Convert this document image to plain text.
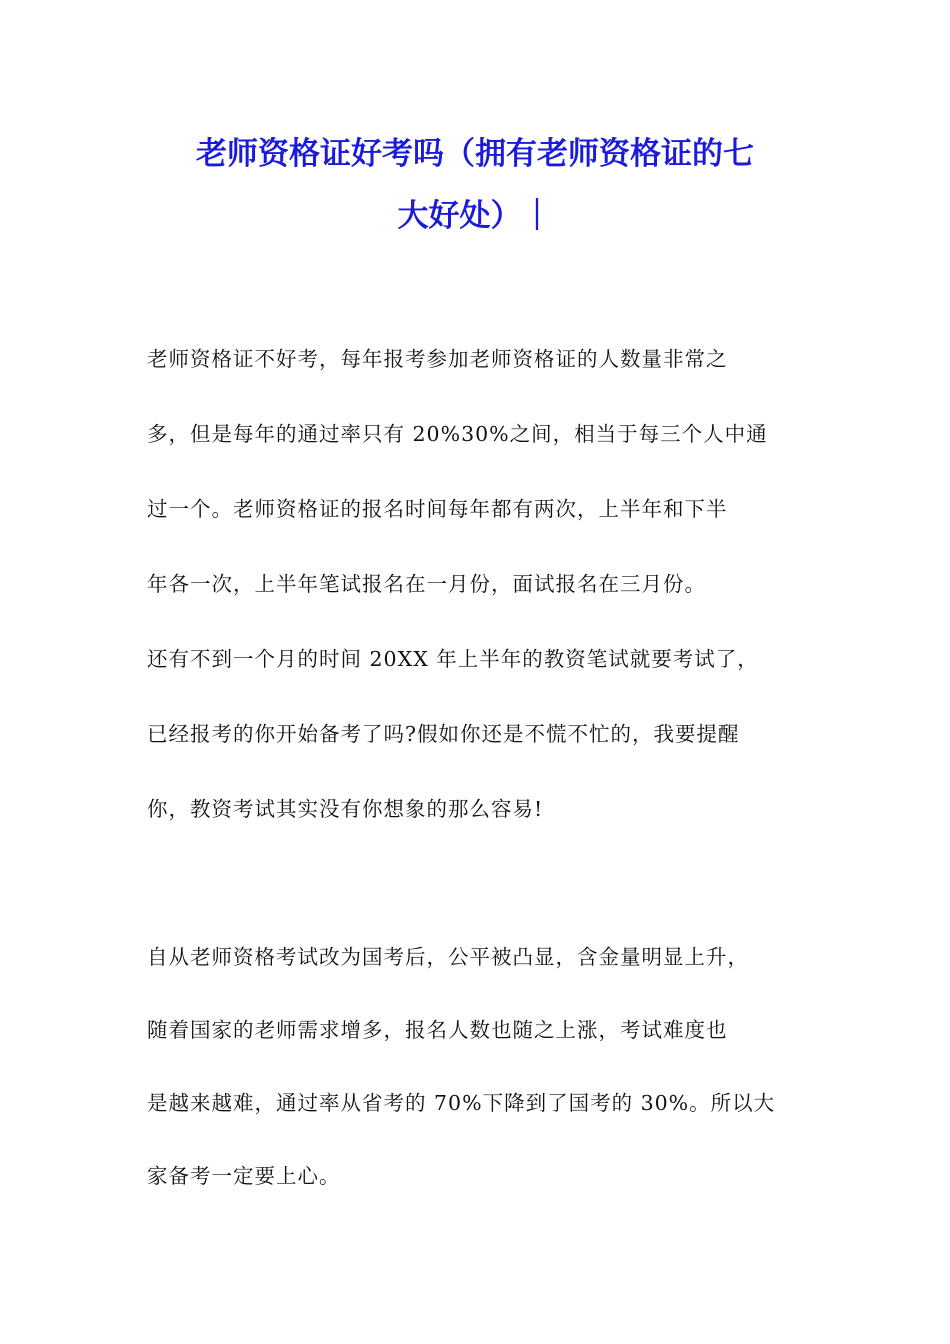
老师资格证好考吗（拥有老师资格证的七
大好处）｜
老师资格证不好考，每年报考参加老师资格证的人数量非常之
多，但是每年的通过率只有 20%30%之间，相当于每三个人中通
过一个。老师资格证的报名时间每年都有两次，上半年和下半
年各一次，上半年笔试报名在一月份，面试报名在三月份。
还有不到一个月的时间 20XX 年上半年的教资笔试就要考试了，
已经报考的你开始备考了吗?假如你还是不慌不忙的，我要提醒
你，教资考试其实没有你想象的那么容易!
自从老师资格考试改为国考后，公平被凸显，含金量明显上升，
随着国家的老师需求增多，报名人数也随之上涨，考试难度也
是越来越难，通过率从省考的 70%下降到了国考的 30%。所以大
家备考一定要上心。
